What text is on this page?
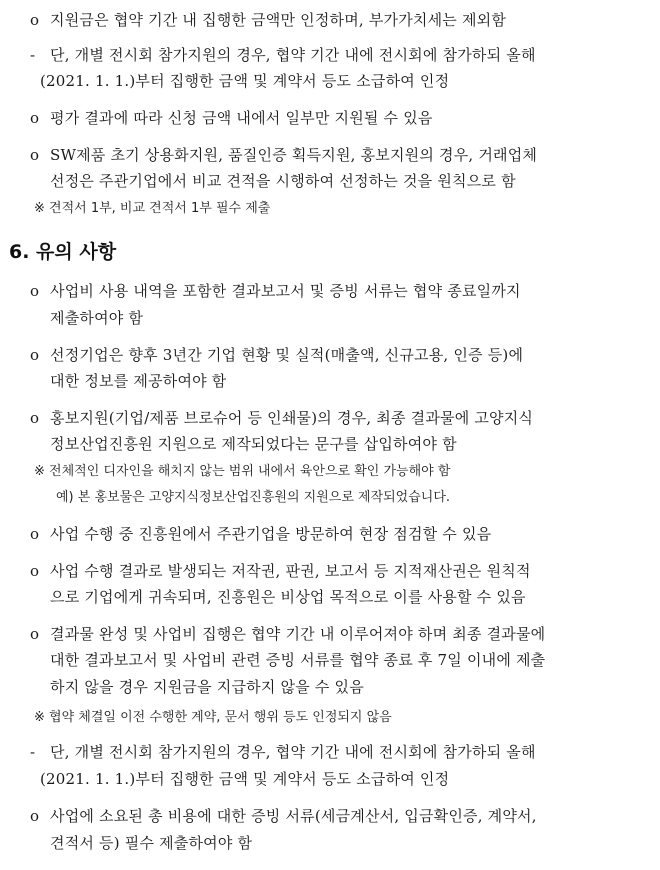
o 지원금은 협약 기간 내 집행한 금액만 인정하며, 부가가치세는 제외함
- 단, 개별 전시회 참가지원의 경우, 협약 기간 내에 전시회에 참가하되 올해
(2021. 1. 1.)부터 집행한 금액 및 계약서 등도 소급하여 인정
o 평가 결과에 따라 신청 금액 내에서 일부만 지원될 수 있음
o SW제품 초기 상용화지원, 품질인증 획득지원, 홍보지원의 경우, 거래업체
선정은 주관기업에서 비교 견적을 시행하여 선정하는 것을 원칙으로 함
※ 견적서 1부, 비교 견적서 1부 필수 제출
6. 유의 사항
o 사업비 사용 내역을 포함한 결과보고서 및 증빙 서류는 협약 종료일까지
제출하여야 함
o 선정기업은 향후 3년간 기업 현황 및 실적(매출액, 신규고용, 인증 등)에
대한 정보를 제공하여야 함
o 홍보지원(기업/제품 브로슈어 등 인쇄물)의 경우, 최종 결과물에 고양지식
정보산업진흥원 지원으로 제작되었다는 문구를 삽입하여야 함
※ 전체적인 디자인을 해치지 않는 범위 내에서 육안으로 확인 가능해야 함
예) 본 홍보물은 고양지식정보산업진흥원의 지원으로 제작되었습니다.
o 사업 수행 중 진흥원에서 주관기업을 방문하여 현장 점검할 수 있음
o 사업 수행 결과로 발생되는 저작권, 판권, 보고서 등 지적재산권은 원칙적
으로 기업에게 귀속되며, 진흥원은 비상업 목적으로 이를 사용할 수 있음
o 결과물 완성 및 사업비 집행은 협약 기간 내 이루어져야 하며 최종 결과물에
대한 결과보고서 및 사업비 관련 증빙 서류를 협약 종료 후 7일 이내에 제출
하지 않을 경우 지원금을 지급하지 않을 수 있음
※ 협약 체결일 이전 수행한 계약, 문서 행위 등도 인정되지 않음
- 단, 개별 전시회 참가지원의 경우, 협약 기간 내에 전시회에 참가하되 올해
(2021. 1. 1.)부터 집행한 금액 및 계약서 등도 소급하여 인정
o 사업에 소요된 총 비용에 대한 증빙 서류(세금계산서, 입금확인증, 계약서,
견적서 등) 필수 제출하여야 함
